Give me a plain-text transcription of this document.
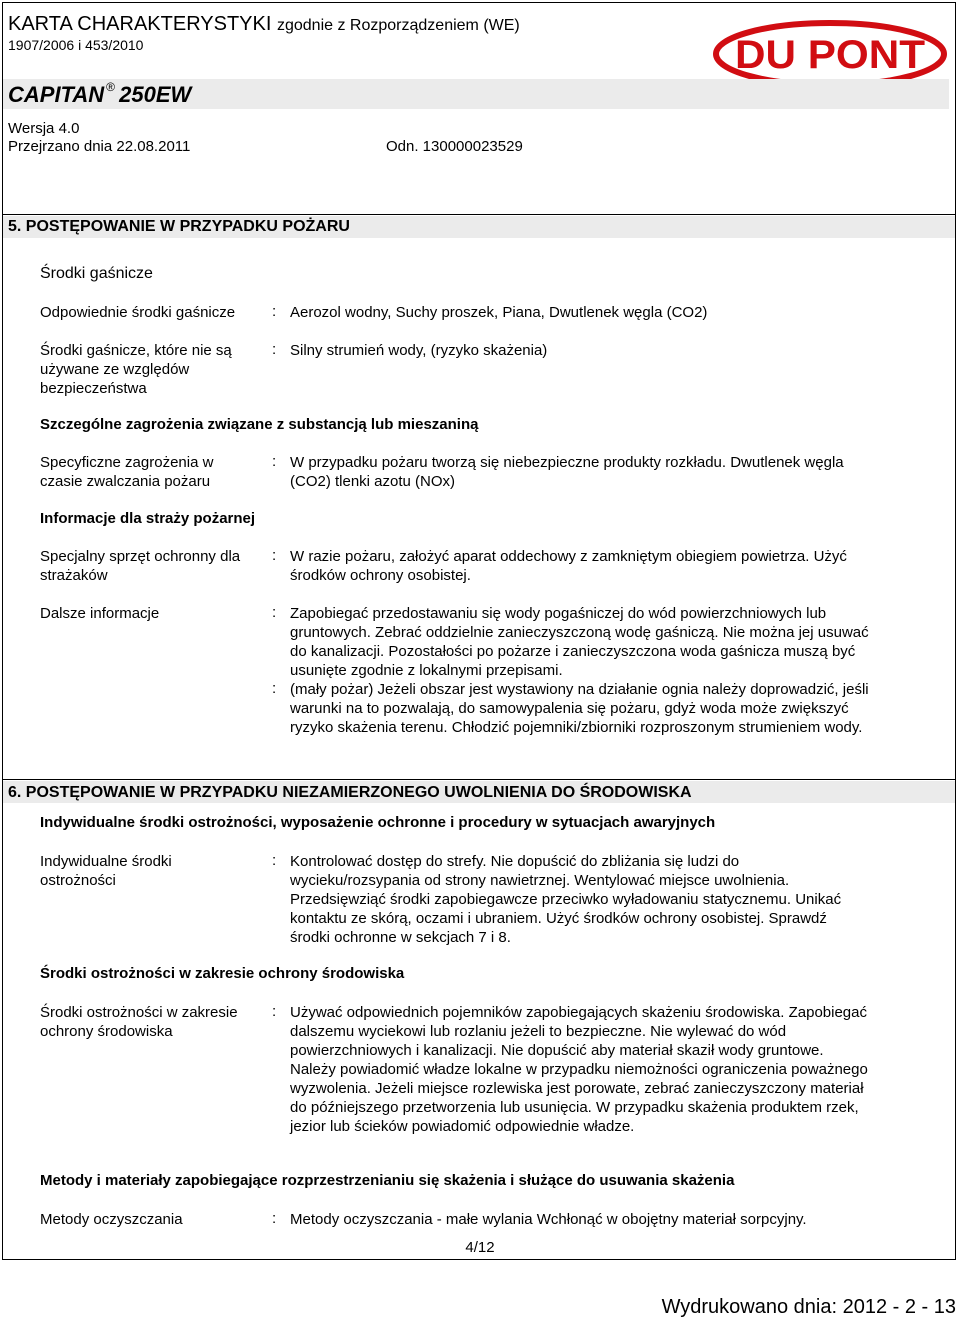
KARTA CHARAKTERYSTYKI zgodnie z Rozporządzeniem (WE)
1907/2006 i 453/2010	DU PONT
CAPITAN ® 250EW
Wersja 4.0
Przejrzano dnia 22.08.2011	Odn. 130000023529
5. POSTĘPOWANIE W PRZYPADKU POŻARU
Środki gaśnicze
Odpowiednie środki gaśnicze	: Aerozol wodny, Suchy proszek, Piana, Dwutlenek węgla (CO2)
Środki gaśnicze, które nie są używane ze względów bezpieczeństwa
: Silny strumień wody, (ryzyko skażenia)
Szczególne zagrożenia związane z substancją lub mieszaniną
Specyficzne zagrożenia w czasie zwalczania pożaru
: W przypadku pożaru tworzą się niebezpieczne produkty rozkładu. Dwutlenek węgla (CO2) tlenki azotu (NOx)
Informacje dla straży pożarnej
Specjalny sprzęt ochronny dla strażaków
: W razie pożaru, założyć aparat oddechowy z zamkniętym obiegiem powietrza. Użyć środków ochrony osobistej.
Dalsze informacje	: Zapobiegać przedostawaniu się wody pogaśniczej do wód powierzchniowych lub gruntowych. Zebrać oddzielnie zanieczyszczoną wodę gaśniczą. Nie można jej usuwać do kanalizacji. Pozostałości po pożarze i zanieczyszczona woda gaśnicza muszą być usunięte zgodnie z lokalnymi przepisami.
: (mały pożar) Jeżeli obszar jest wystawiony na działanie ognia należy doprowadzić, jeśli warunki na to pozwalają, do samowypalenia się pożaru, gdyż woda może zwiększyć ryzyko skażenia terenu. Chłodzić pojemniki/zbiorniki rozproszonym strumieniem wody.
6. POSTĘPOWANIE W PRZYPADKU NIEZAMIERZONEGO UWOLNIENIA DO ŚRODOWISKA
Indywidualne środki ostrożności, wyposażenie ochronne i procedury w sytuacjach awaryjnych
Indywidualne środki ostrożności
: Kontrolować dostęp do strefy. Nie dopuścić do zbliżania się ludzi do wycieku/rozsypania od strony nawietrznej. Wentylować miejsce uwolnienia. Przedsięwziąć środki zapobiegawcze przeciwko wyładowaniu statycznemu. Unikać kontaktu ze skórą, oczami i ubraniem. Użyć środków ochrony osobistej. Sprawdź środki ochronne w sekcjach 7 i 8.
Środki ostrożności w zakresie ochrony środowiska
Środki ostrożności w zakresie ochrony środowiska
: Używać odpowiednich pojemników zapobiegających skażeniu środowiska. Zapobiegać dalszemu wyciekowi lub rozlaniu jeżeli to bezpieczne. Nie wylewać do wód powierzchniowych i kanalizacji. Nie dopuścić aby materiał skaził wody gruntowe. Należy powiadomić władze lokalne w przypadku niemożności ograniczenia poważnego wyzwolenia. Jeżeli miejsce rozlewiska jest porowate, zebrać zanieczyszczony materiał do późniejszego przetworzenia lub usunięcia. W przypadku skażenia produktem rzek, jezior lub ścieków powiadomić odpowiednie władze.
Metody i materiały zapobiegające rozprzestrzenianiu się skażenia i służące do usuwania skażenia
Metody oczyszczania	: Metody oczyszczania - małe wylania Wchłonąć w obojętny materiał sorpcyjny.
4/12
Wydrukowano dnia: 2012 - 2 - 13
